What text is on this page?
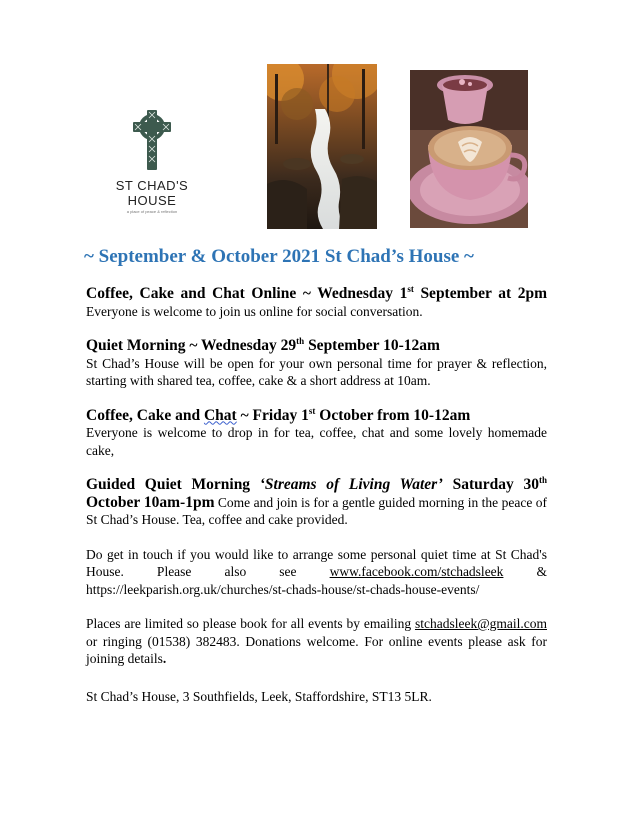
ST CHAD'S
HOUSE
a place of peace & reflection
~ September & October 2021 St Chad’s House ~

Coffee, Cake and Chat Online ~ Wednesday 1st September at 2pm Everyone is welcome to join us online for social conversation.

Quiet Morning ~ Wednesday 29th September 10-12am
St Chad’s House will be open for your own personal time for prayer & reflection, starting with shared tea, coffee, cake & a short address at 10am.

Coffee, Cake and Chat ~ Friday 1st October from 10-12am
Everyone is welcome to drop in for tea, coffee, chat and some lovely homemade cake,

Guided Quiet Morning ‘Streams of Living Water’ Saturday 30th October 10am-1pm Come and join is for a gentle guided morning in the peace of St Chad’s House. Tea, coffee and cake provided.

Do get in touch if you would like to arrange some personal quiet time at St Chad's House. Please also see www.facebook.com/stchadsleek & https://leekparish.org.uk/churches/st-chads-house/st-chads-house-events/

Places are limited so please book for all events by emailing stchadsleek@gmail.com or ringing (01538) 382483. Donations welcome. For online events please ask for joining details.

St Chad’s House, 3 Southfields, Leek, Staffordshire, ST13 5LR.
